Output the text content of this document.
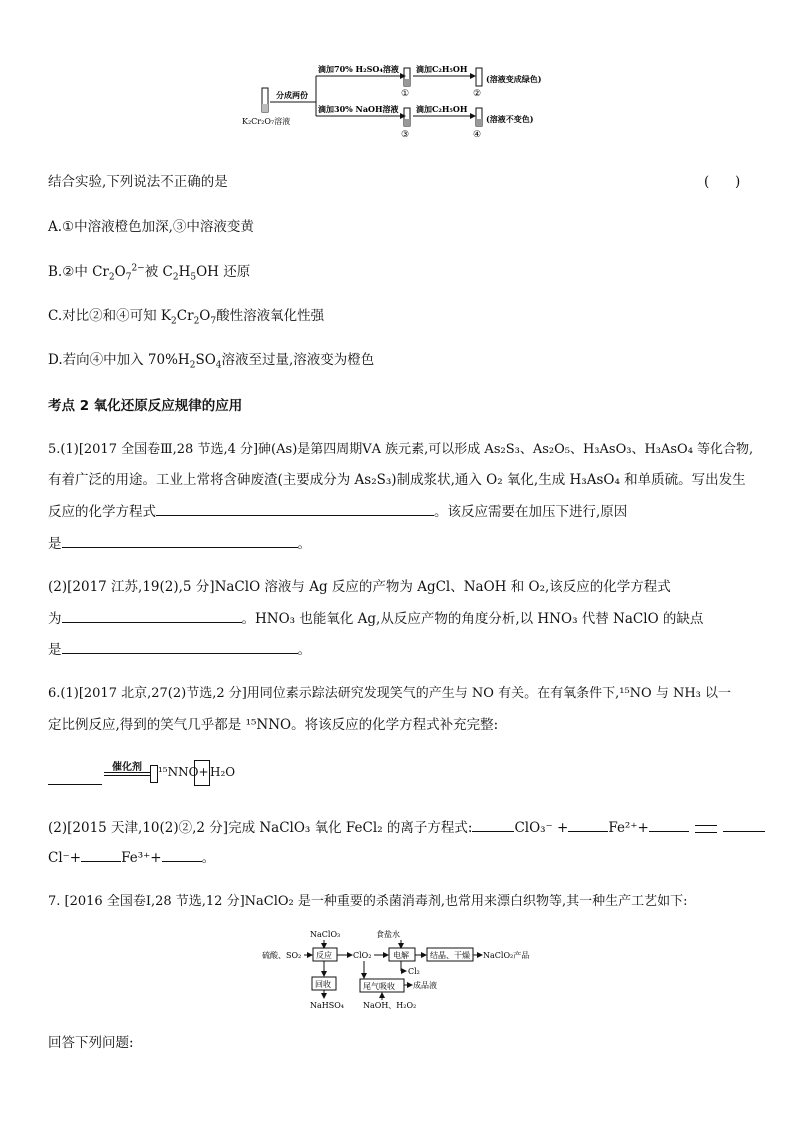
K₂Cr₂O₇溶液
分成两份
滴加70% H₂SO₄溶液
①
滴加C₂H₅OH
②
(溶液变成绿色)
滴加30% NaOH溶液
③
滴加C₂H₅OH
④
(溶液不变色)
结合实验,下列说法不正确的是	(      )
A.①中溶液橙色加深,③中溶液变黄
B.②中 $Cr_2O_7^{2-}$被 $C_2H_5OH$ 还原
C.对比②和④可知 $K_2Cr_2O_7$酸性溶液氧化性强
D.若向④中加入 $70\%H_2SO_4$溶液至过量,溶液变为橙色
考点 2 氧化还原反应规律的应用
5.(1)[2017 全国卷Ⅲ,28 节选,4 分]砷(As)是第四周期ⅤA 族元素,可以形成 As₂S₃、As₂O₅、H₃AsO₃、H₃AsO₄ 等化合物,
有着广泛的用途。工业上常将含砷废渣(主要成分为 As₂S₃)制成浆状,通入 O₂ 氧化,生成 H₃AsO₄ 和单质硫。写出发生
反应的化学方程式	。该反应需要在加压下进行,原因
是	。
(2)[2017 江苏,19(2),5 分]NaClO 溶液与 Ag 反应的产物为 AgCl、NaOH 和 O₂,该反应的化学方程式
为	。HNO₃ 也能氧化 Ag,从反应产物的角度分析,以 HNO₃ 代替 NaClO 的缺点
是	。
6.(1)[2017 北京,27(2)节选,2 分]用同位素示踪法研究发现笑气的产生与 NO 有关。在有氧条件下,¹⁵NO 与 NH₃ 以一
定比例反应,得到的笑气几乎都是 ¹⁵NNO。将该反应的化学方程式补充完整:
催化剂	¹⁵NNO+ H₂O
(2)[2015 天津,10(2)②,2 分]完成 NaClO₃ 氧化 FeCl₂ 的离子方程式:	ClO₃⁻ +	Fe²⁺+
Cl⁻+	Fe³⁺+	。
7. [2016 全国卷Ⅰ,28 节选,12 分]NaClO₂ 是一种重要的杀菌消毒剂,也常用来漂白织物等,其一种生产工艺如下:
NaClO₃
硫酸、SO₂ 反应	ClO₂
食盐水
电解	结晶、干燥 NaClO₂产品
Cl₂
回收
NaHSO₄
尾气吸收 成品液
NaOH、H₂O₂
回答下列问题:
